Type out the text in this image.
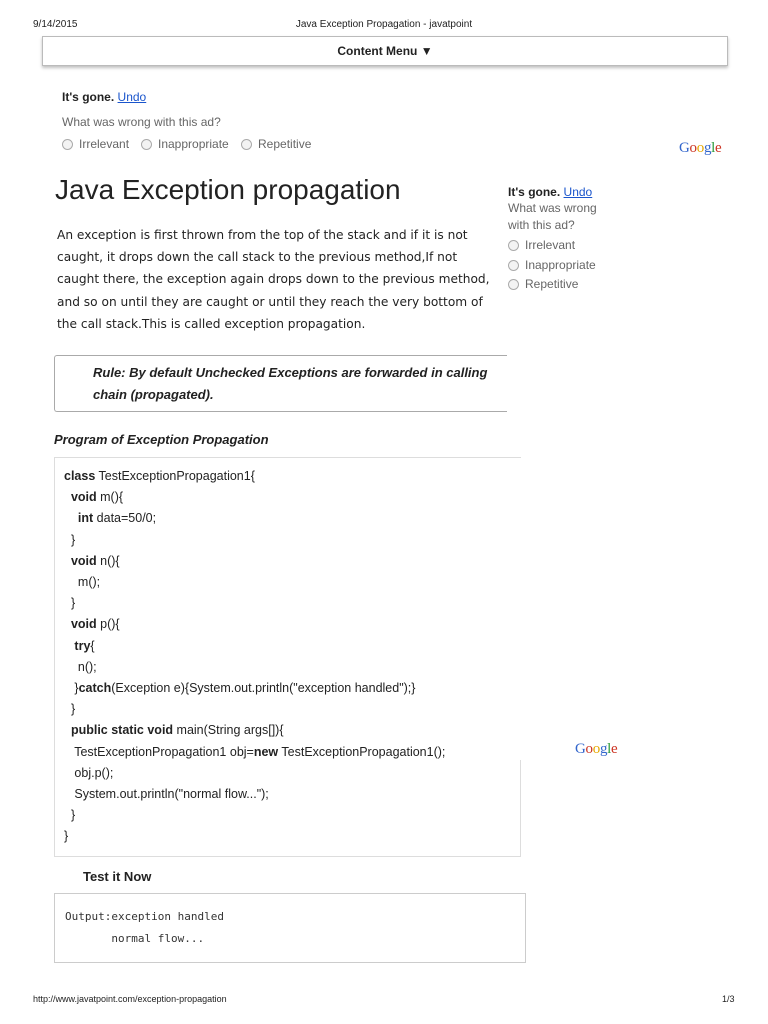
9/14/2015	Java Exception Propagation - javatpoint
Content Menu ▼
It's gone. Undo
What was wrong with this ad?
Irrelevant Inappropriate Repetitive	Google
Java Exception propagation	It's gone. Undo
What was wrong
with this ad?
Irrelevant
Inappropriate
Repetitive
An exception is first thrown from the top of the stack and if it is not
caught, it drops down the call stack to the previous method,If not
caught there, the exception again drops down to the previous method,
and so on until they are caught or until they reach the very bottom of
the call stack.This is called exception propagation.
Rule: By default Unchecked Exceptions are forwarded in calling
chain (propagated).
Program of Exception Propagation
Google
class TestExceptionPropagation1{
void m(){
int data=50/0;
}
void n(){
m();
}
void p(){
try{
n();
}catch(Exception e){System.out.println("exception handled");}
}
public static void main(String args[]){
TestExceptionPropagation1 obj=new TestExceptionPropagation1();
obj.p();
System.out.println("normal flow...");
}
}
Test it Now
Output:exception handled
normal flow...
http://www.javatpoint.com/exception-propagation	1/3
